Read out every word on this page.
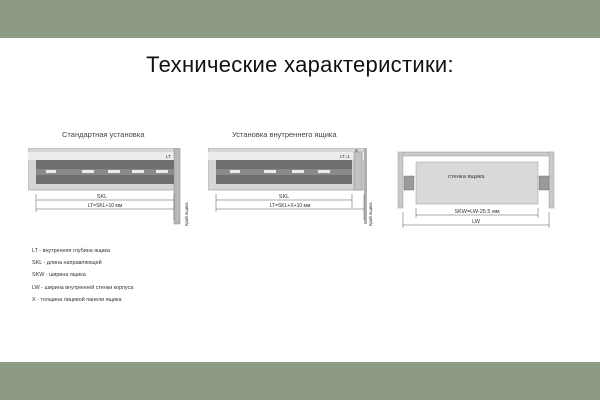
Технические характеристики:
Стандартная установка
SKL
LT=SKL+10 мм
LT
Край ящика
Установка внутреннего ящика
SKL
LT=SKL+X+10 мм
LT=1
X
Край ящика
стенка ящика
SKW=LW-25.5 мм
LW
LT - внутренняя глубина ящика
SKL - длина направляющей
SKW - ширина ящика
LW - ширина внутренней стенки корпуса
X - толщина лицевой панели ящика
